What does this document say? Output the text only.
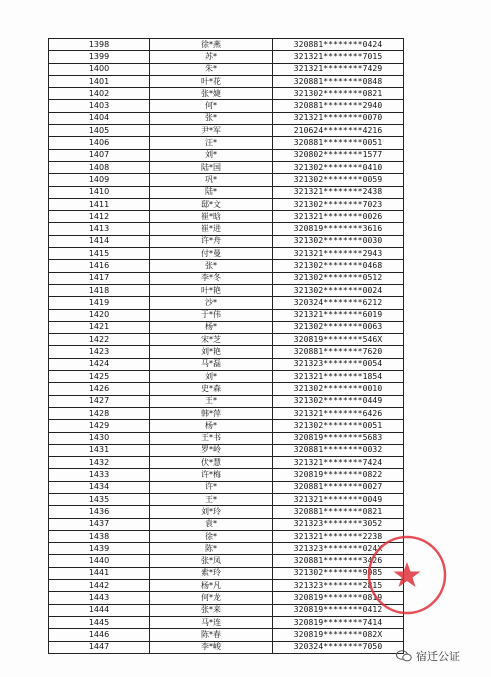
1398	徐*燕	320881********0424
1399	苏*	321321********7015
1400	朱*	321321********7429
1401	叶*花	320881********0848
1402	张*婕	321302********0821
1403	何*	320881********2940
1404	张*	321321********0070
1405	尹*军	210624********4216
1406	汪*	320881********0051
1407	刘*	320802********1577
1408	陆*国	321302********0410
1409	巩*	321302********0059
1410	陆*	321321********2438
1411	邸*文	321302********7023
1412	崔*晗	321321********0026
1413	崔*进	320819********3616
1414	许*舟	321302********0030
1415	付*曼	321321********2943
1416	张*	321302********0468
1417	李*冬	321302********0512
1418	叶*艳	321302********0024
1419	沙*	320324********6212
1420	于*伟	321321********6019
1421	杨*	321302********0063
1422	宋*芝	320819********546X
1423	刘*艳	320881********7620
1424	马*磊	321323********0054
1425	刘*	321321********1854
1426	史*森	321302********0010
1427	王*	321302********0449
1428	韩*萍	321321********6426
1429	杨*	321302********0051
1430	王*书	320819********5683
1431	罗*岭	320881********0032
1432	伏*慧	321321********7424
1433	许*梅	320819********0822
1434	许*	320881********0027
1435	王*	321321********0049
1436	刘*玲	320881********0821
1437	袁*	321323********3052
1438	徐*	321321********2238
1439	陈*	321323********024X
1440	张*凤	320881********3426
1441	索*玲	321302********9985
1442	杨*凡	321323********2815
1443	何*龙	320819********0819
1444	张*来	320819********0412
1445	马*连	320819********7414
1446	陈*春	320819********082X
1447	李*峻	320324********7050
宿迁公证
